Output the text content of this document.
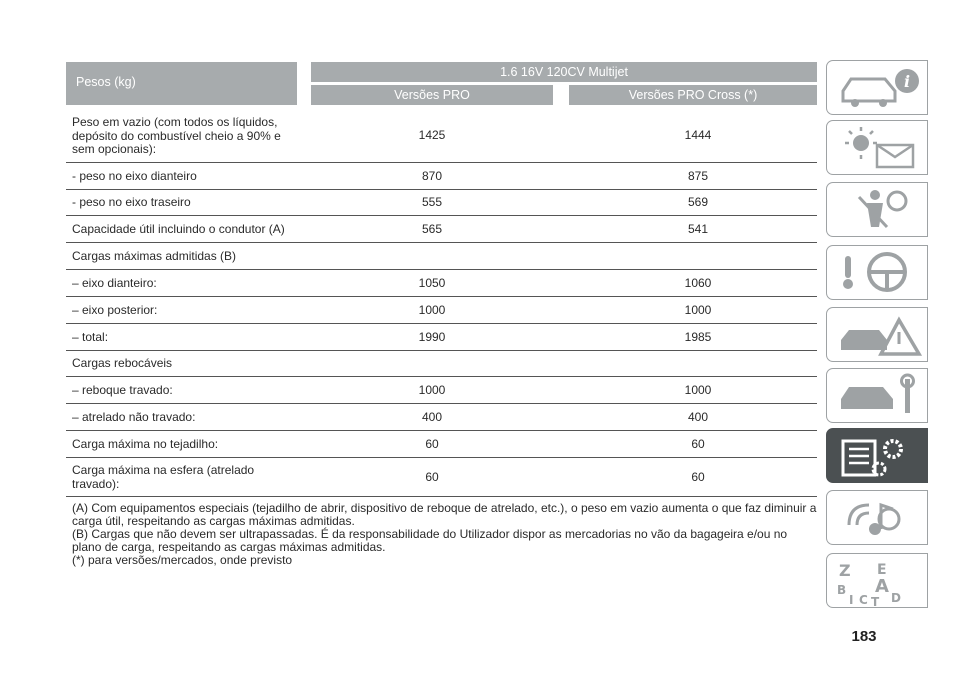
Pesos (kg)
1.6 16V 120CV Multijet
Versões PRO	Versões PRO Cross (*)
Peso em vazio (com todos os líquidos, depósito do combustível cheio a 90% e sem opcionais):
1425	1444
- peso no eixo dianteiro	870	875
- peso no eixo traseiro	555	569
Capacidade útil incluindo o condutor (A)	565	541
Cargas máximas admitidas (B)
– eixo dianteiro:	1050	1060
– eixo posterior:	1000	1000
– total:	1990	1985
Cargas rebocáveis
– reboque travado:	1000	1000
– atrelado não travado:	400	400
Carga máxima no tejadilho:	60	60
Carga máxima na esfera (atrelado travado):	60	60
(A) Com equipamentos especiais (tejadilho de abrir, dispositivo de reboque de atrelado, etc.), o peso em vazio aumenta o que faz diminuir a carga útil, respeitando as cargas máximas admitidas.
(B) Cargas que não devem ser ultrapassadas. É da responsabilidade do Utilizador dispor as mercadorias no vão da bagageira e/ou no plano de carga, respeitando as cargas máximas admitidas.
(*) para versões/mercados, onde previsto
183
i
Z E
B A
I C D
T
